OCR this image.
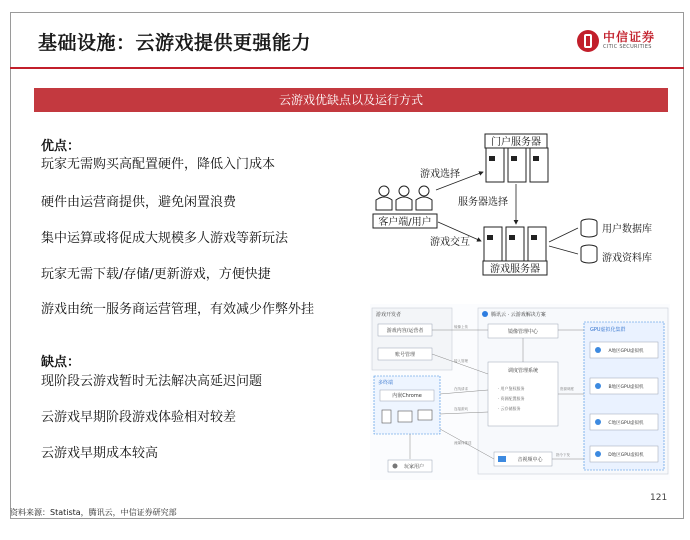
基础设施：云游戏提供更强能力	中信证券
CITIC SECURITIES
云游戏优缺点以及运行方式
优点：
玩家无需购买高配置硬件，降低入门成本
硬件由运营商提供，避免闲置浪费
集中运算或将促成大规模多人游戏等新玩法
玩家无需下载/存储/更新游戏，方便快捷
游戏由统一服务商运营管理，有效减少作弊外挂
缺点：
现阶段云游戏暂时无法解决高延迟问题
云游戏早期阶段游戏体验相对较差
云游戏早期成本较高
门户服务器
客户端/用户
游戏服务器
用户数据库
游戏资料库
游戏选择
服务器选择
游戏交互
游戏开发者
游戏内容/运营者
账号管理
多终端
内嵌Chrome
玩家用户
腾讯云 · 云游戏解决方案
镜像管理中心
调度管理系统
· 用户鉴权服务
· 资源配置服务
· 云存储服务
音视频中心
GPU虚拟化集群
A地区GPU虚拟机
B地区GPU虚拟机
C地区GPU虚拟机
D地区GPU虚拟机
镜像上传
接入管理
在线请求
连接游戏
资源调度
流媒体推送
指令下发
121
资料来源：Statista，腾讯云，中信证券研究部
